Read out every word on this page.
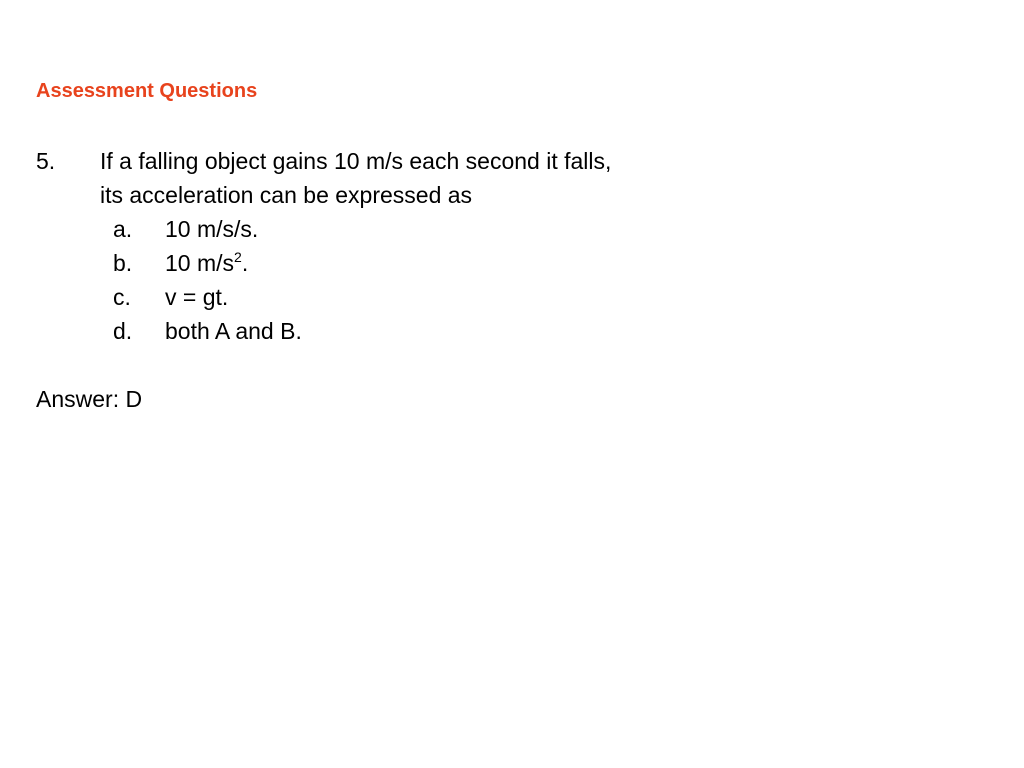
Assessment Questions
5.	If a falling object gains 10 m/s each second it falls,
its acceleration can be expressed as
a.	10 m/s/s.
b.	10 $m/s^2$.
c.	v = gt.
d.	both A and B.
Answer: D
